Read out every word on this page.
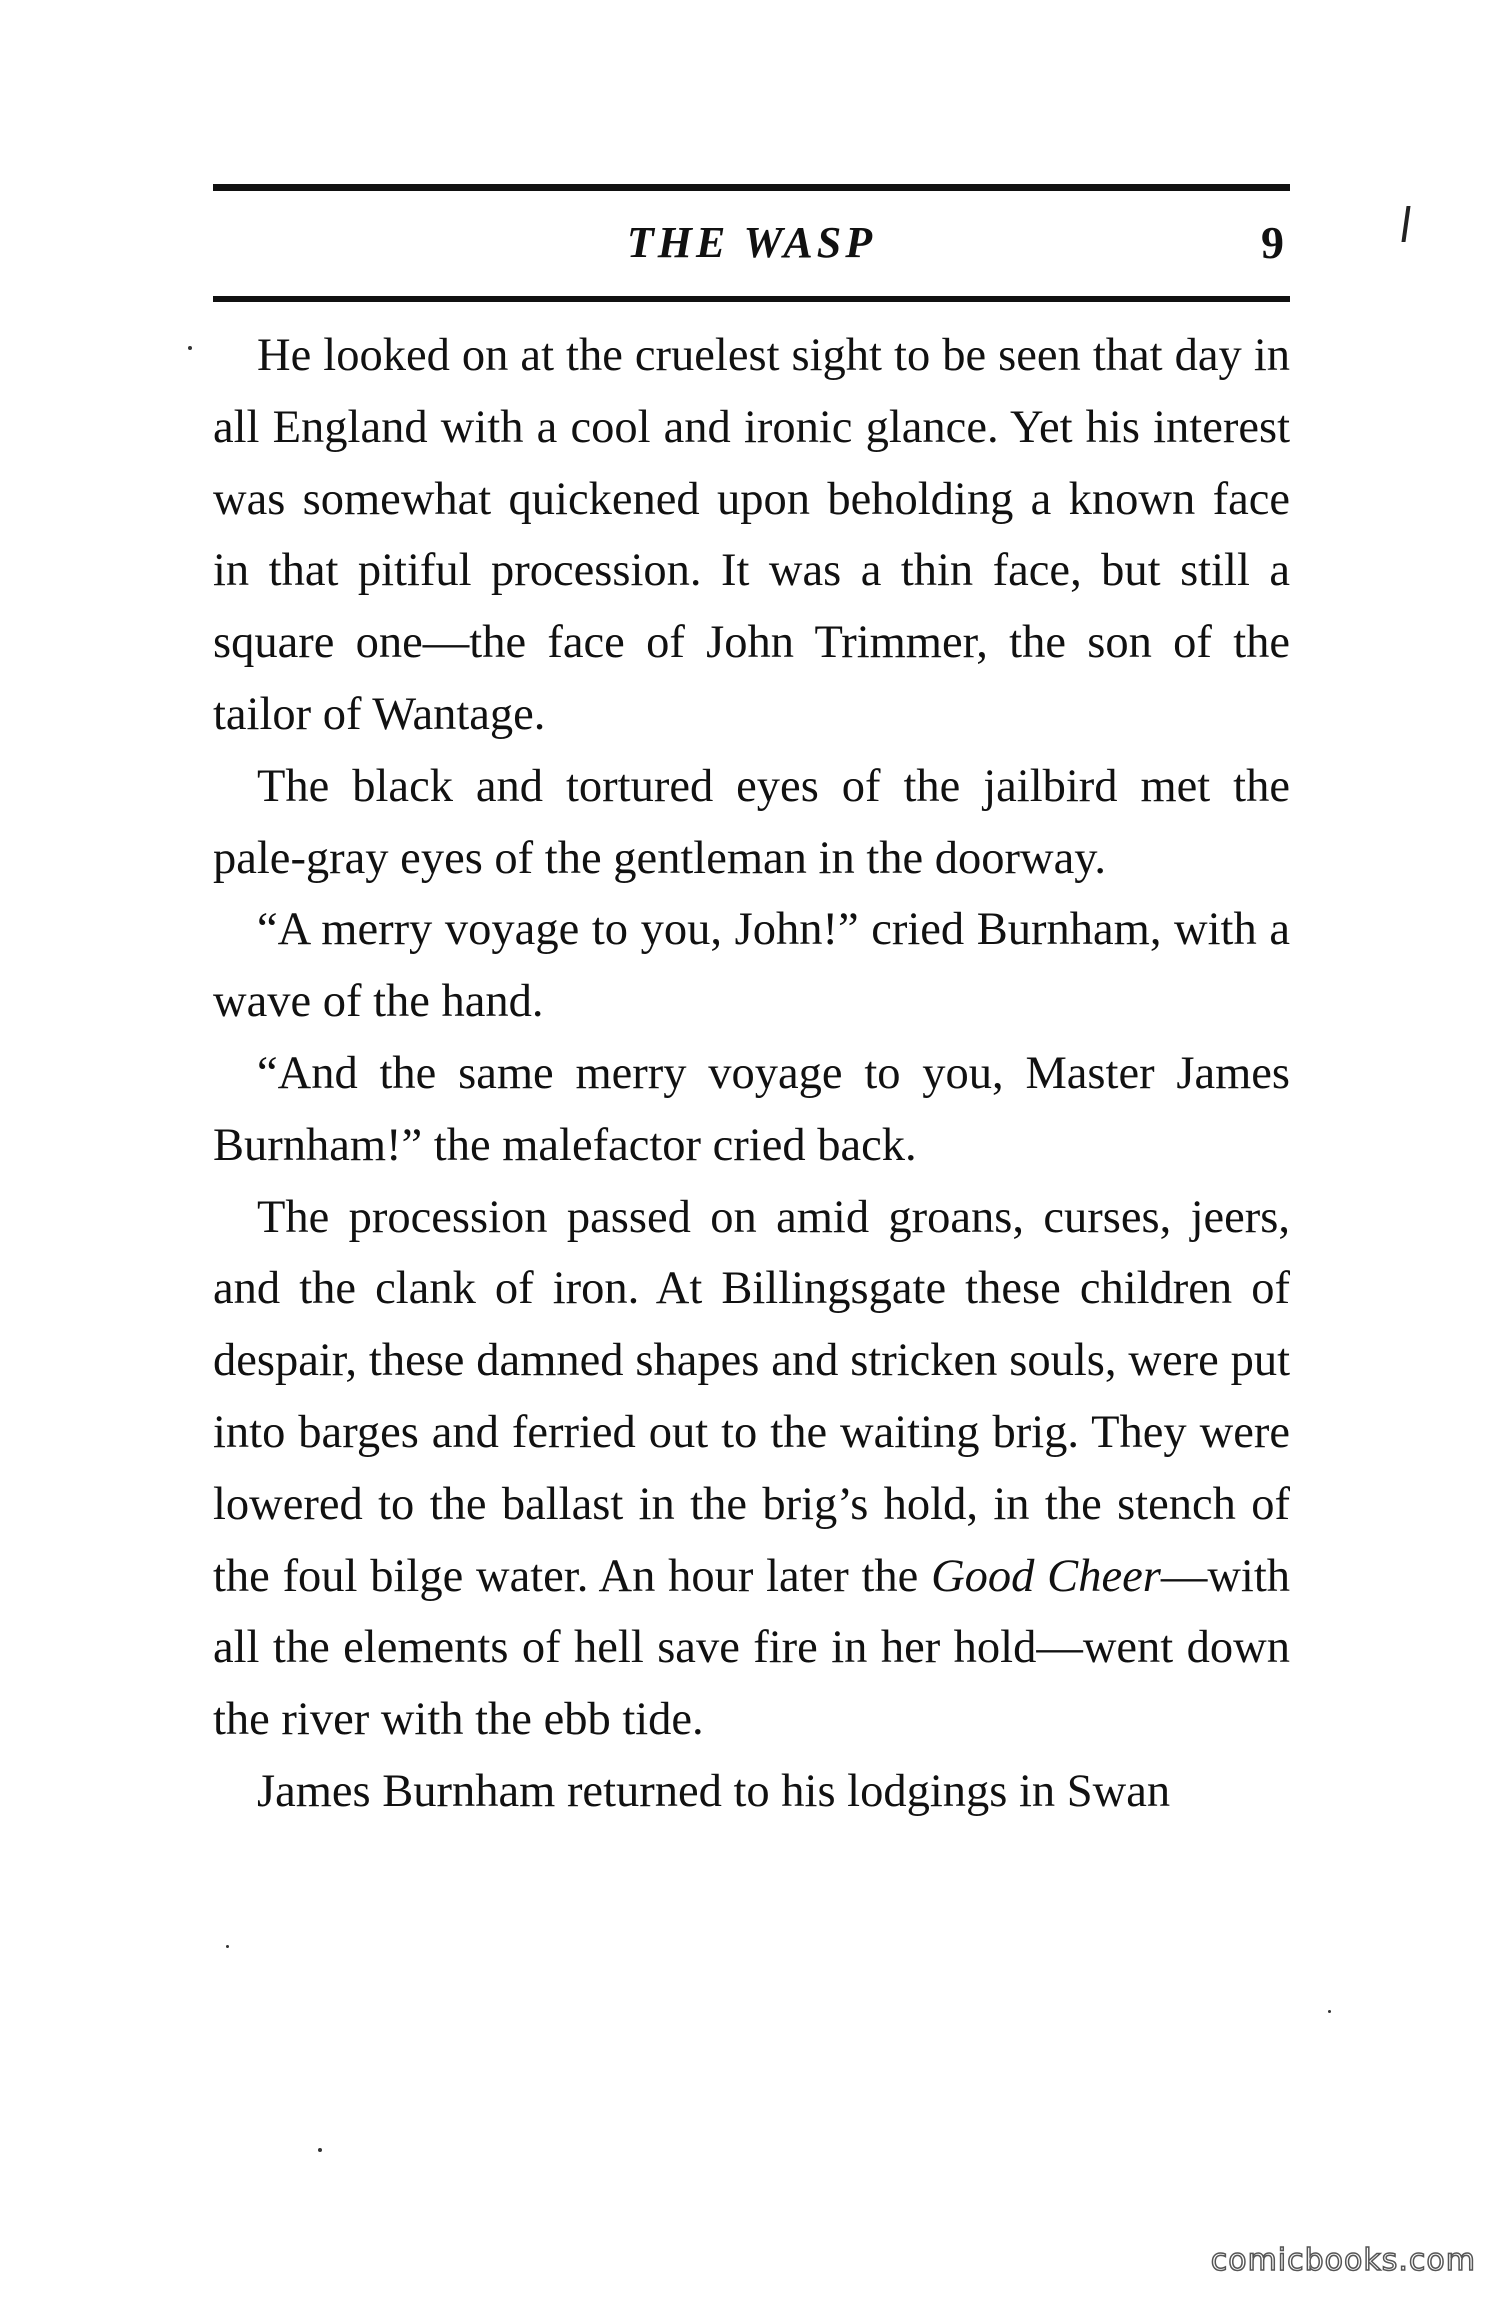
THE WASP	9

He looked on at the cruelest sight to be seen that day in all England with a cool and ironic glance. Yet his interest was somewhat quickened upon beholding a known face in that pitiful procession. It was a thin face, but still a square one—the face of John Trimmer, the son of the tailor of Wantage.

The black and tortured eyes of the jailbird met the pale-gray eyes of the gentleman in the doorway.

“A merry voyage to you, John!” cried Burnham, with a wave of the hand.

“And the same merry voyage to you, Master James Burnham!” the malefactor cried back.

The procession passed on amid groans, curses, jeers, and the clank of iron. At Billingsgate these children of despair, these damned shapes and stricken souls, were put into barges and ferried out to the waiting brig. They were lowered to the ballast in the brig’s hold, in the stench of the foul bilge water. An hour later the Good Cheer—with all the elements of hell save fire in her hold—went down the river with the ebb tide.

James Burnham returned to his lodgings in Swan

comicbooks.com
